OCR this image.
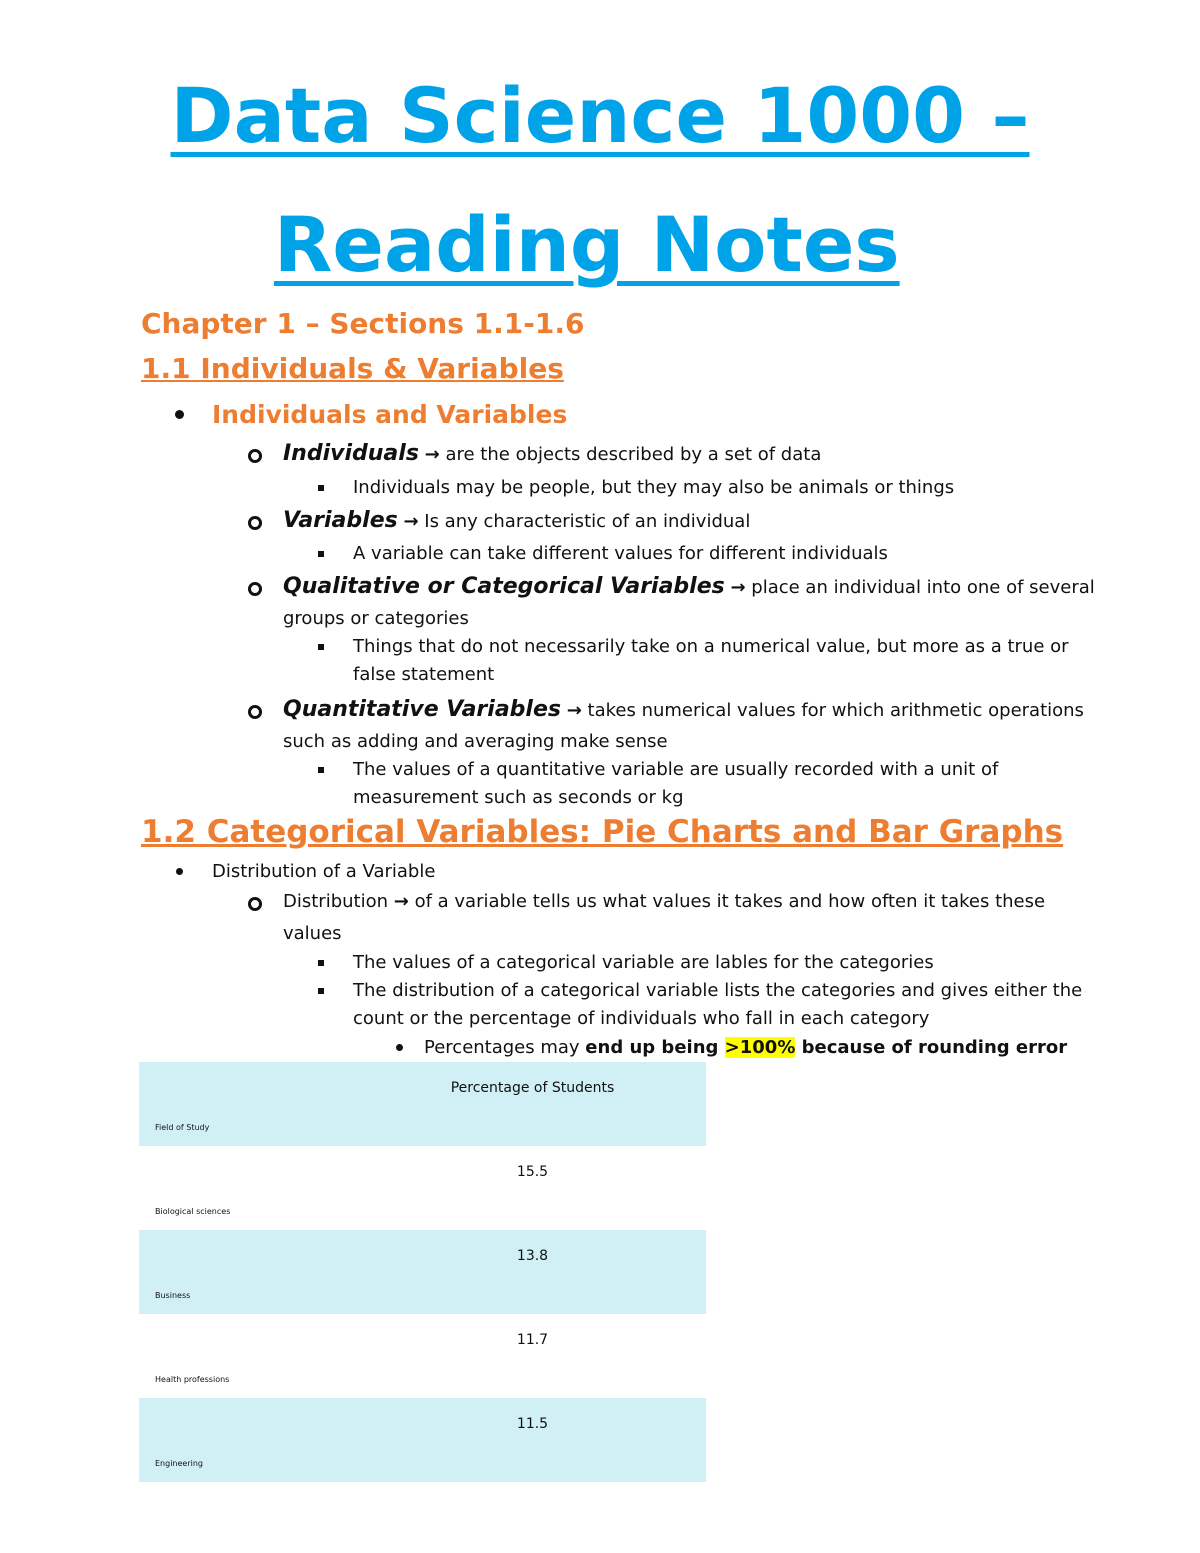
Data Science 1000 –
Reading Notes
Chapter 1 – Sections 1.1-1.6
1.1 Individuals & Variables

Individuals and Variables

Individuals → are the objects described by a set of data

Individuals may be people, but they may also be animals or things

Variables → Is any characteristic of an individual

A variable can take different values for different individuals

Qualitative or Categorical Variables → place an individual into one of several

groups or categories

Things that do not necessarily take on a numerical value, but more as a true or

false statement

Quantitative Variables → takes numerical values for which arithmetic operations

such as adding and averaging make sense

The values of a quantitative variable are usually recorded with a unit of

measurement such as seconds or kg

1.2 Categorical Variables: Pie Charts and Bar Graphs

Distribution of a Variable

Distribution → of a variable tells us what values it takes and how often it takes these

values

The values of a categorical variable are lables for the categories

The distribution of a categorical variable lists the categories and gives either the

count or the percentage of individuals who fall in each category

Percentages may end up being >100% because of rounding error

Percentage of Students
Field of Study
15.5
Biological sciences
13.8
Business
11.7
Health professions
11.5
Engineering
